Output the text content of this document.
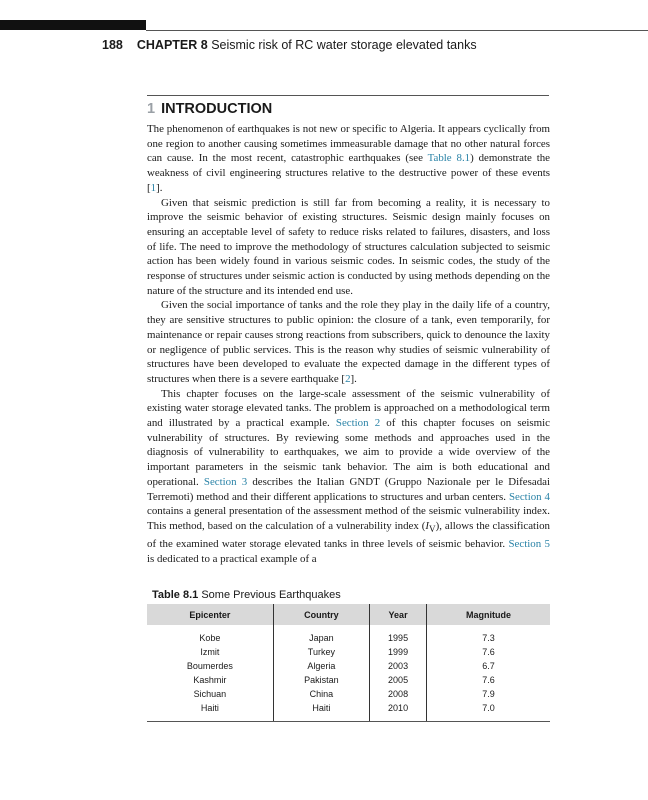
188 CHAPTER 8 Seismic risk of RC water storage elevated tanks
1 INTRODUCTION

The phenomenon of earthquakes is not new or specific to Algeria. It appears cyclically from one region to another causing sometimes immeasurable damage that no other natural forces can cause. In the most recent, catastrophic earthquakes (see Table 8.1) demonstrate the weakness of civil engineering structures relative to the destructive power of these events [1].

Given that seismic prediction is still far from becoming a reality, it is necessary to improve the seismic behavior of existing structures. Seismic design mainly focuses on ensuring an acceptable level of safety to reduce risks related to failures, disasters, and loss of life. The need to improve the methodology of structures calculation subjected to seismic action has been widely found in various seismic codes. In seismic codes, the study of the response of structures under seismic action is conducted by using methods depending on the nature of the structure and its intended end use.

Given the social importance of tanks and the role they play in the daily life of a country, they are sensitive structures to public opinion: the closure of a tank, even temporarily, for maintenance or repair causes strong reactions from subscribers, quick to denounce the laxity or negligence of public services. This is the reason why studies of seismic vulnerability of structures have been developed to evaluate the expected damage in the different types of structures when there is a severe earthquake [2].

This chapter focuses on the large-scale assessment of the seismic vulnerability of existing water storage elevated tanks. The problem is approached on a methodological term and illustrated by a practical example. Section 2 of this chapter focuses on seismic vulnerability of structures. By reviewing some methods and approaches used in the diagnosis of vulnerability to earthquakes, we aim to provide a wide overview of the important parameters in the seismic tank behavior. The aim is both educational and operational. Section 3 describes the Italian GNDT (Gruppo Nazionale per le Difesadai Terremoti) method and their different applications to structures and urban centers. Section 4 contains a general presentation of the assessment method of the seismic vulnerability index. This method, based on the calculation of a vulnerability index $(I_V)$, allows the classification of the examined water storage elevated tanks in three levels of seismic behavior. Section 5 is dedicated to a practical example of a

Table 8.1 Some Previous Earthquakes
Epicenter	Country	Year	Magnitude
Kobe	Japan	1995	7.3
Izmit	Turkey	1999	7.6
Boumerdes	Algeria	2003	6.7
Kashmir	Pakistan	2005	7.6
Sichuan	China	2008	7.9
Haiti	Haiti	2010	7.0
